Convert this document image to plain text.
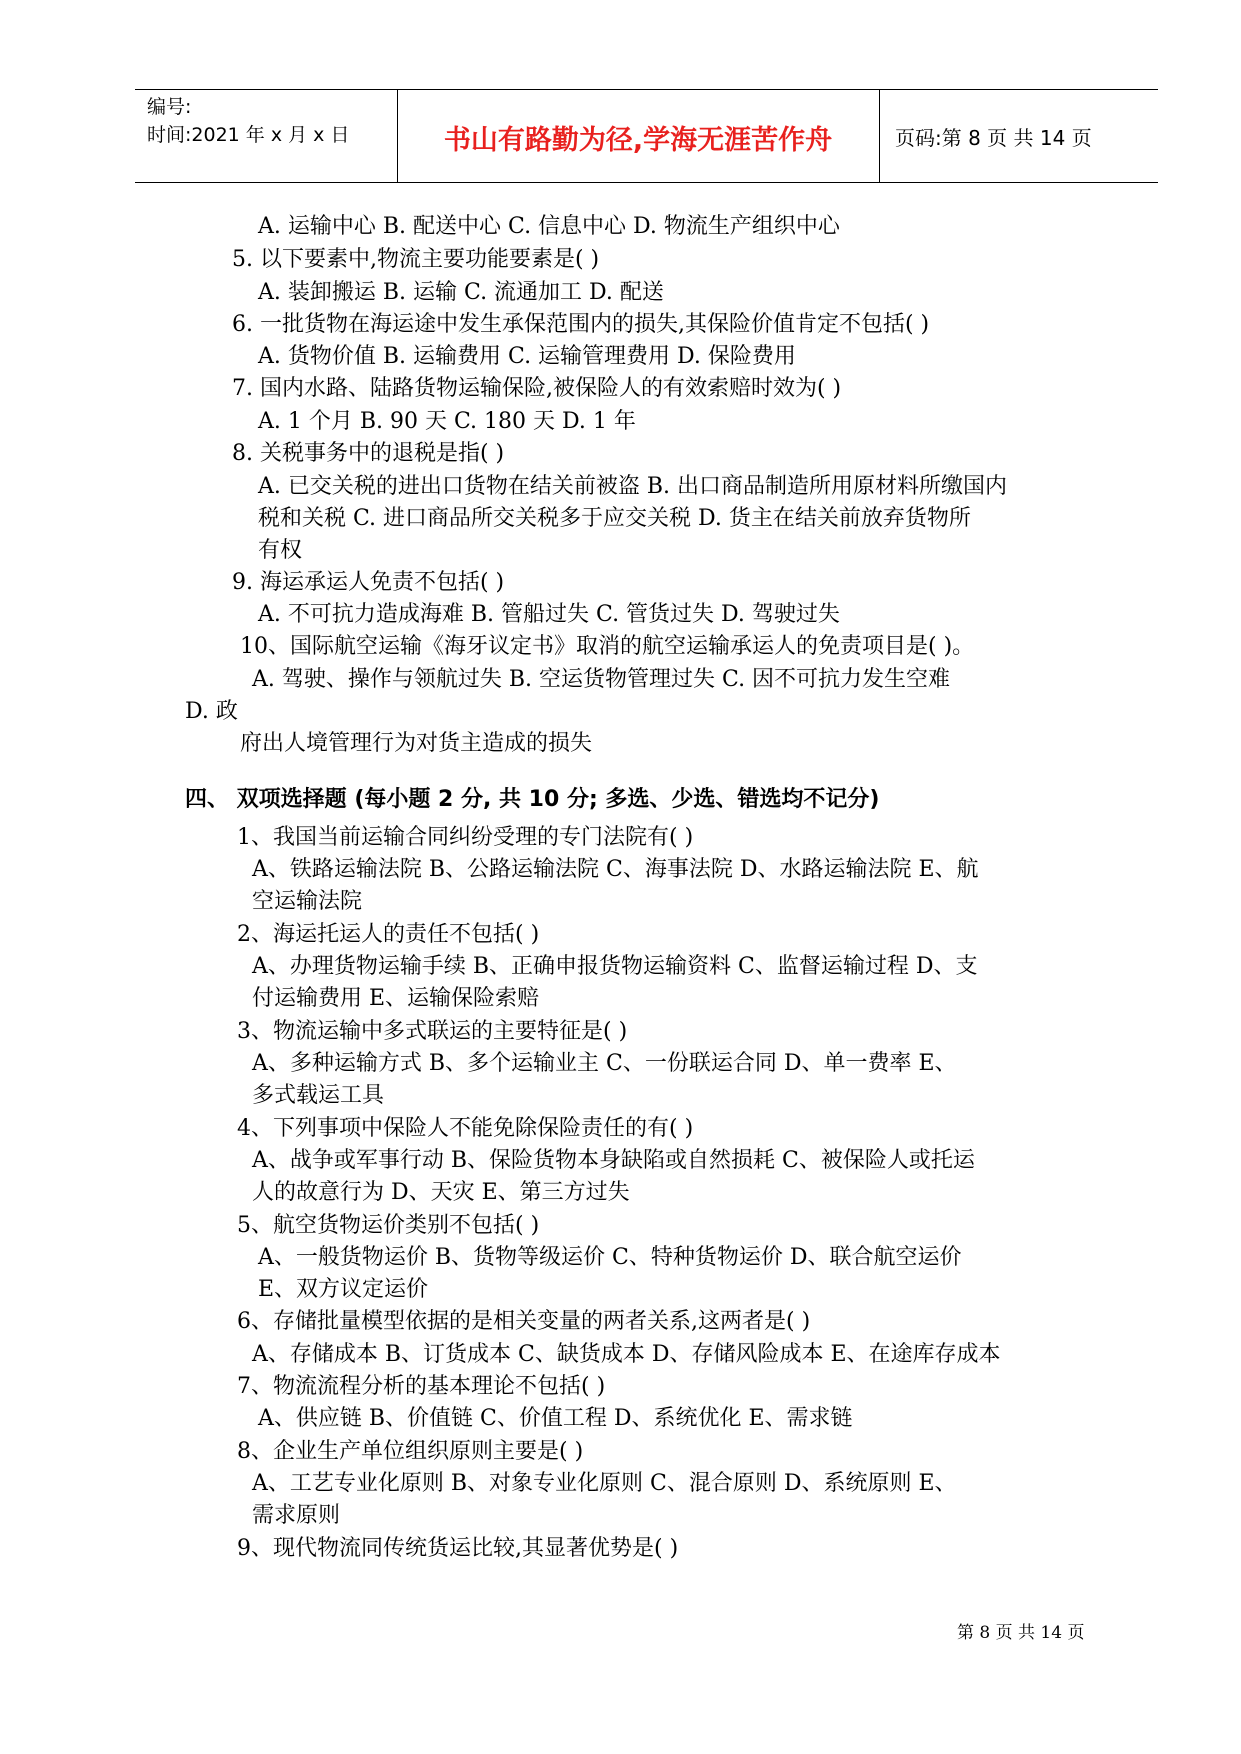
编号:
时间:2021 年 x 月 x 日	书山有路勤为径,学海无涯苦作舟	页码:第 8 页 共 14 页
A. 运输中心 B. 配送中心 C. 信息中心 D. 物流生产组织中心
5. 以下要素中,物流主要功能要素是( )
A. 装卸搬运 B. 运输 C. 流通加工 D. 配送
6. 一批货物在海运途中发生承保范围内的损失,其保险价值肯定不包括( )
A. 货物价值 B. 运输费用 C. 运输管理费用 D. 保险费用
7. 国内水路、陆路货物运输保险,被保险人的有效索赔时效为( )
A. 1 个月 B. 90 天 C. 180 天 D. 1 年
8. 关税事务中的退税是指( )
A. 已交关税的进出口货物在结关前被盗 B. 出口商品制造所用原材料所缴国内
税和关税 C. 进口商品所交关税多于应交关税 D. 货主在结关前放弃货物所
有权
9. 海运承运人免责不包括( )
A. 不可抗力造成海难 B. 管船过失 C. 管货过失 D. 驾驶过失
10、国际航空运输《海牙议定书》取消的航空运输承运人的免责项目是( )。
A. 驾驶、操作与领航过失 B. 空运货物管理过失 C. 因不可抗力发生空难
D. 政
府出人境管理行为对货主造成的损失
四、 双项选择题 (每小题 2 分, 共 10 分; 多选、少选、错选均不记分)
1、我国当前运输合同纠纷受理的专门法院有( )
A、铁路运输法院 B、公路运输法院 C、海事法院 D、水路运输法院 E、航
空运输法院
2、海运托运人的责任不包括( )
A、办理货物运输手续 B、正确申报货物运输资料 C、监督运输过程 D、支
付运输费用 E、运输保险索赔
3、物流运输中多式联运的主要特征是( )
A、多种运输方式 B、多个运输业主 C、一份联运合同 D、单一费率 E、
多式载运工具
4、下列事项中保险人不能免除保险责任的有( )
A、战争或军事行动 B、保险货物本身缺陷或自然损耗 C、被保险人或托运
人的故意行为 D、天灾 E、第三方过失
5、航空货物运价类别不包括( )
A、一般货物运价 B、货物等级运价 C、特种货物运价 D、联合航空运价
E、双方议定运价
6、存储批量模型依据的是相关变量的两者关系,这两者是( )
A、存储成本 B、订货成本 C、缺货成本 D、存储风险成本 E、在途库存成本
7、物流流程分析的基本理论不包括( )
A、供应链 B、价值链 C、价值工程 D、系统优化 E、需求链
8、企业生产单位组织原则主要是( )
A、工艺专业化原则 B、对象专业化原则 C、混合原则 D、系统原则 E、
需求原则
9、现代物流同传统货运比较,其显著优势是( )
第 8 页 共 14 页
